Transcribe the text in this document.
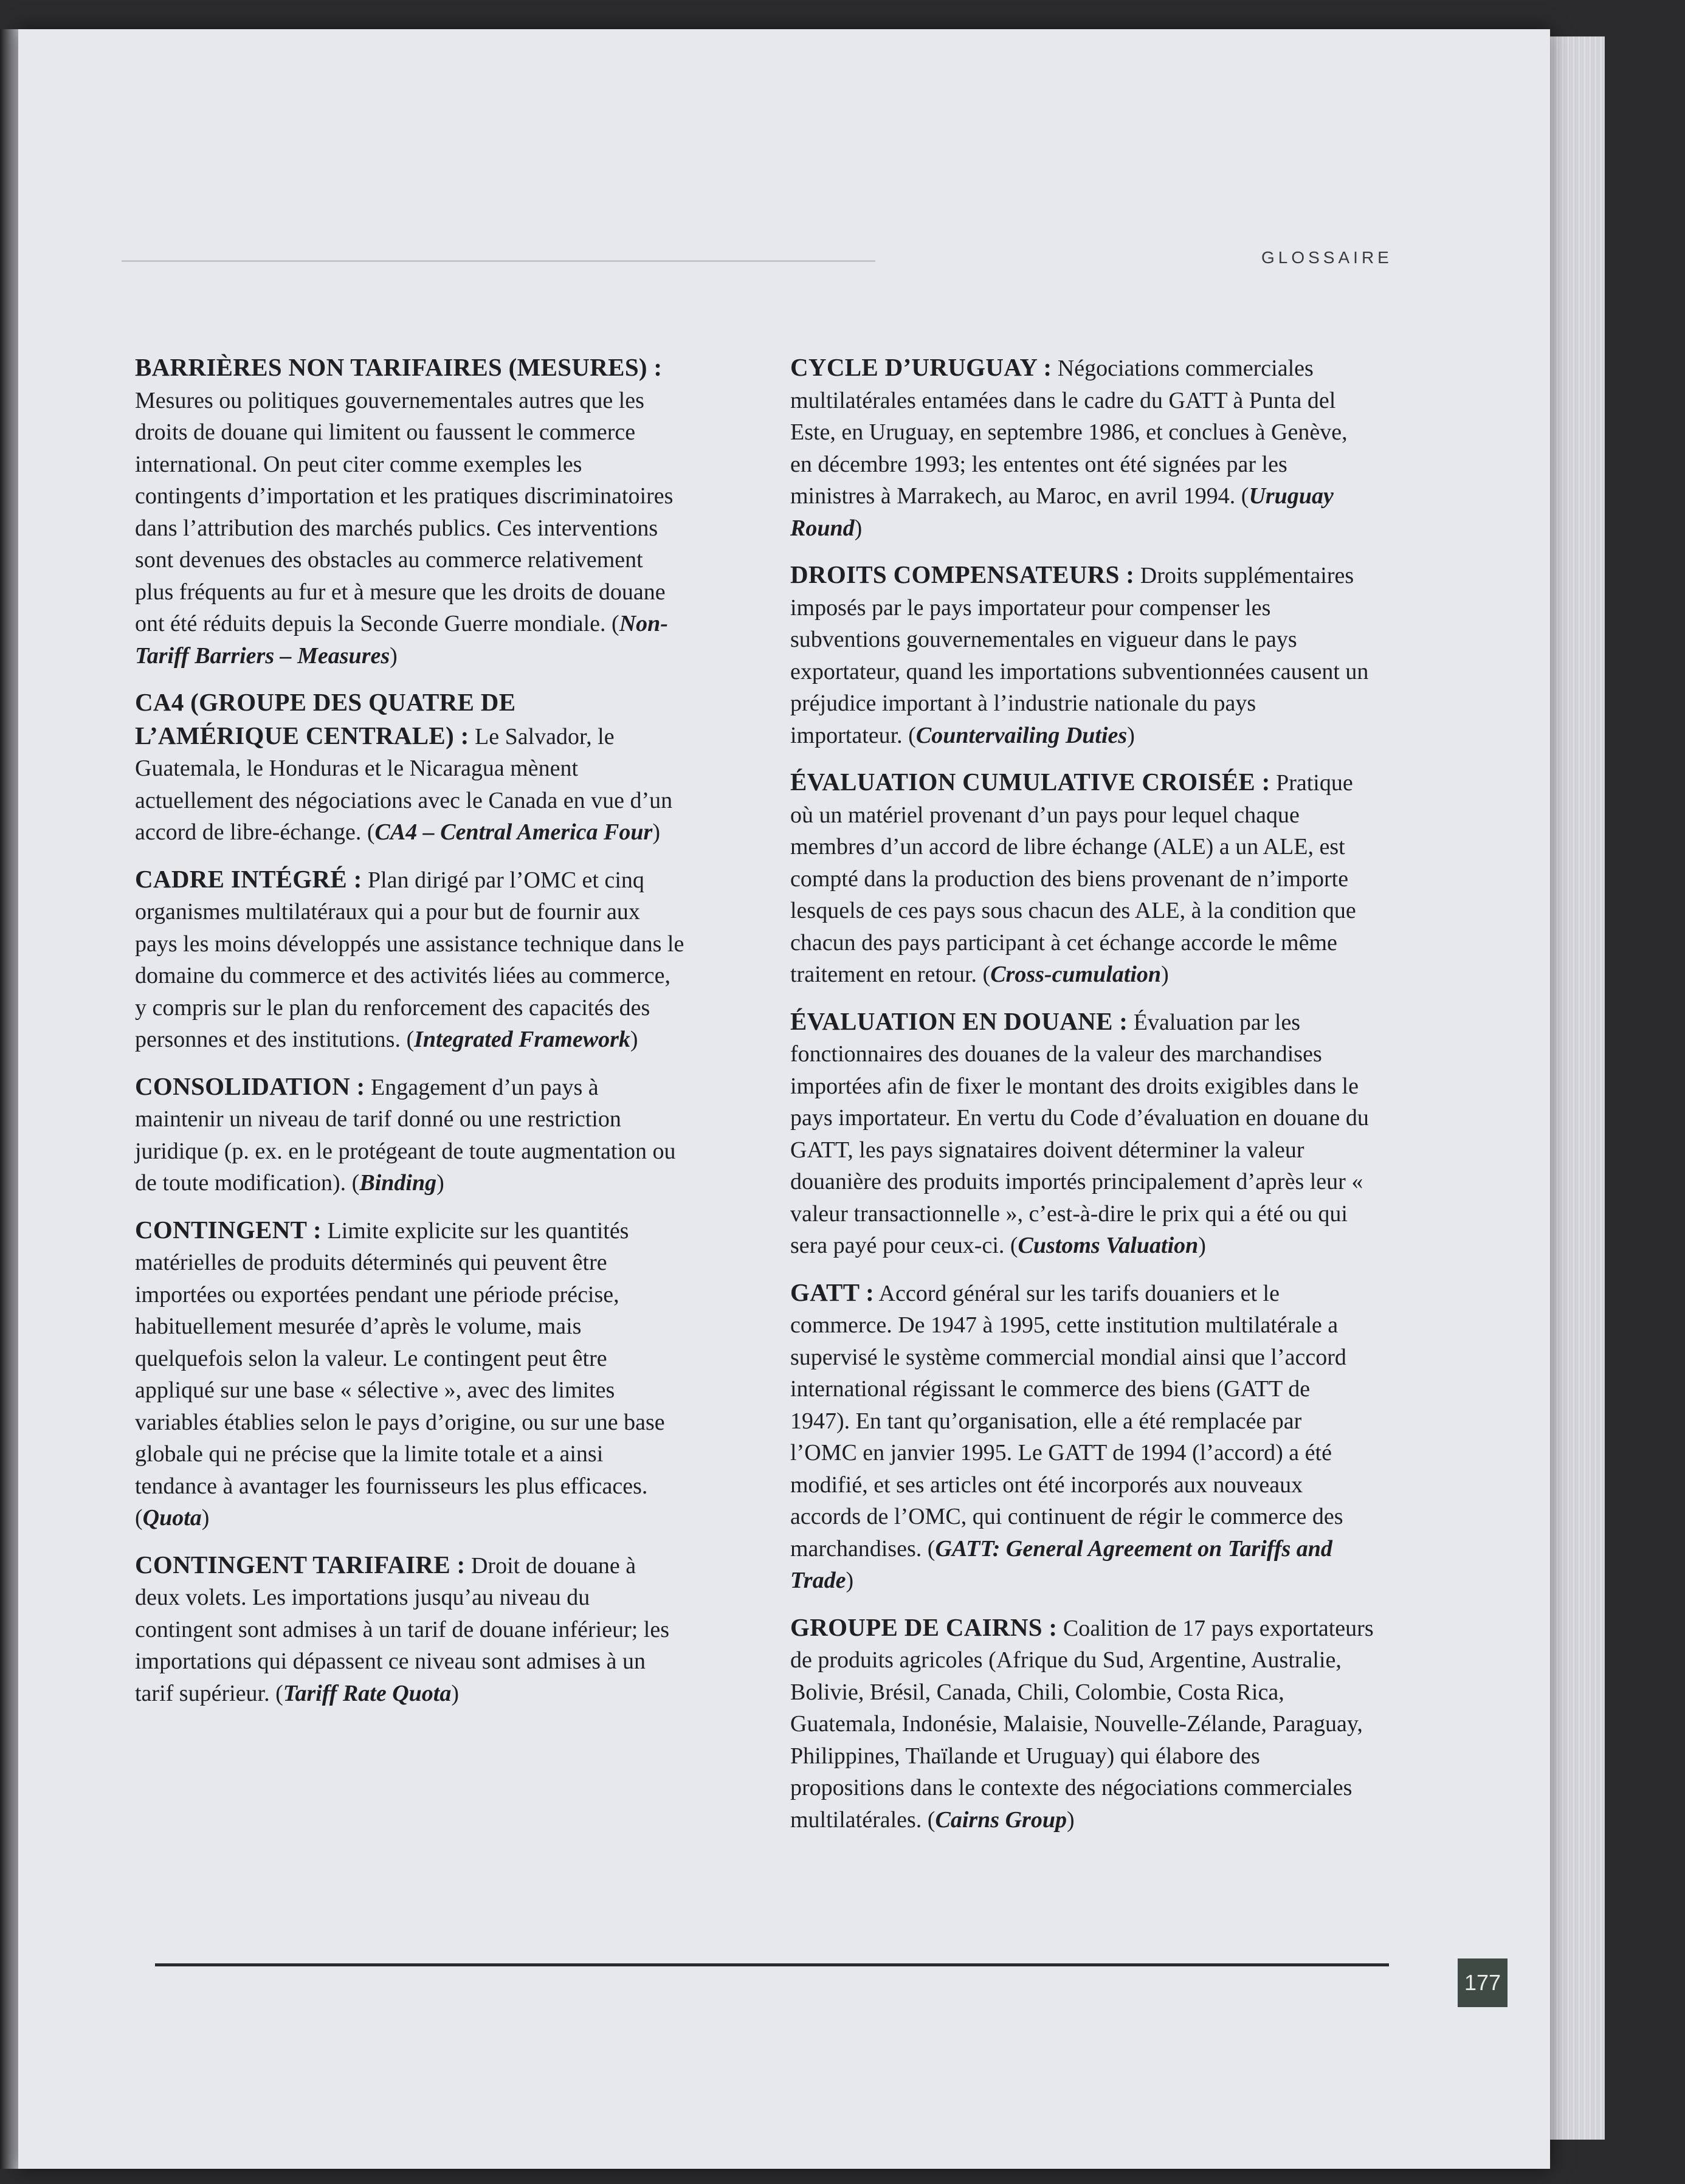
GLOSSAIRE

BARRIÈRES NON TARIFAIRES (MESURES) : Mesures ou politiques gouvernementales autres que les droits de douane qui limitent ou faussent le commerce international. On peut citer comme exemples les contingents d’importation et les pratiques discriminatoires dans l’attribution des marchés publics. Ces interventions sont devenues des obstacles au commerce relativement plus fréquents au fur et à mesure que les droits de douane ont été réduits depuis la Seconde Guerre mondiale. (Non-Tariff Barriers – Measures)

CA4 (GROUPE DES QUATRE DE L’AMÉRIQUE CENTRALE) : Le Salvador, le Guatemala, le Honduras et le Nicaragua mènent actuellement des négociations avec le Canada en vue d’un accord de libre-échange. (CA4 – Central America Four)

CADRE INTÉGRÉ : Plan dirigé par l’OMC et cinq organismes multilatéraux qui a pour but de fournir aux pays les moins développés une assistance technique dans le domaine du commerce et des activités liées au commerce, y compris sur le plan du renforcement des capacités des personnes et des institutions. (Integrated Framework)

CONSOLIDATION : Engagement d’un pays à maintenir un niveau de tarif donné ou une restriction juridique (p. ex. en le protégeant de toute augmentation ou de toute modification). (Binding)

CONTINGENT : Limite explicite sur les quantités matérielles de produits déterminés qui peuvent être importées ou exportées pendant une période précise, habituellement mesurée d’après le volume, mais quelquefois selon la valeur. Le contingent peut être appliqué sur une base « sélective », avec des limites variables établies selon le pays d’origine, ou sur une base globale qui ne précise que la limite totale et a ainsi tendance à avantager les fournisseurs les plus efficaces. (Quota)

CONTINGENT TARIFAIRE : Droit de douane à deux volets. Les importations jusqu’au niveau du contingent sont admises à un tarif de douane inférieur; les importations qui dépassent ce niveau sont admises à un tarif supérieur. (Tariff Rate Quota)

CYCLE D’URUGUAY : Négociations commerciales multilatérales entamées dans le cadre du GATT à Punta del Este, en Uruguay, en septembre 1986, et conclues à Genève, en décembre 1993; les ententes ont été signées par les ministres à Marrakech, au Maroc, en avril 1994. (Uruguay Round)

DROITS COMPENSATEURS : Droits supplémentaires imposés par le pays importateur pour compenser les subventions gouvernementales en vigueur dans le pays exportateur, quand les importations subventionnées causent un préjudice important à l’industrie nationale du pays importateur. (Countervailing Duties)

ÉVALUATION CUMULATIVE CROISÉE : Pratique où un matériel provenant d’un pays pour lequel chaque membres d’un accord de libre échange (ALE) a un ALE, est compté dans la production des biens provenant de n’importe lesquels de ces pays sous chacun des ALE, à la condition que chacun des pays participant à cet échange accorde le même traitement en retour. (Cross-cumulation)

ÉVALUATION EN DOUANE : Évaluation par les fonctionnaires des douanes de la valeur des marchandises importées afin de fixer le montant des droits exigibles dans le pays importateur. En vertu du Code d’évaluation en douane du GATT, les pays signataires doivent déterminer la valeur douanière des produits importés principalement d’après leur « valeur transactionnelle », c’est-à-dire le prix qui a été ou qui sera payé pour ceux-ci. (Customs Valuation)

GATT : Accord général sur les tarifs douaniers et le commerce. De 1947 à 1995, cette institution multilatérale a supervisé le système commercial mondial ainsi que l’accord international régissant le commerce des biens (GATT de 1947). En tant qu’organisation, elle a été remplacée par l’OMC en janvier 1995. Le GATT de 1994 (l’accord) a été modifié, et ses articles ont été incorporés aux nouveaux accords de l’OMC, qui continuent de régir le commerce des marchandises. (GATT: General Agreement on Tariffs and Trade)

GROUPE DE CAIRNS : Coalition de 17 pays exportateurs de produits agricoles (Afrique du Sud, Argentine, Australie, Bolivie, Brésil, Canada, Chili, Colombie, Costa Rica, Guatemala, Indonésie, Malaisie, Nouvelle-Zélande, Paraguay, Philippines, Thaïlande et Uruguay) qui élabore des propositions dans le contexte des négociations commerciales multilatérales. (Cairns Group)

177
